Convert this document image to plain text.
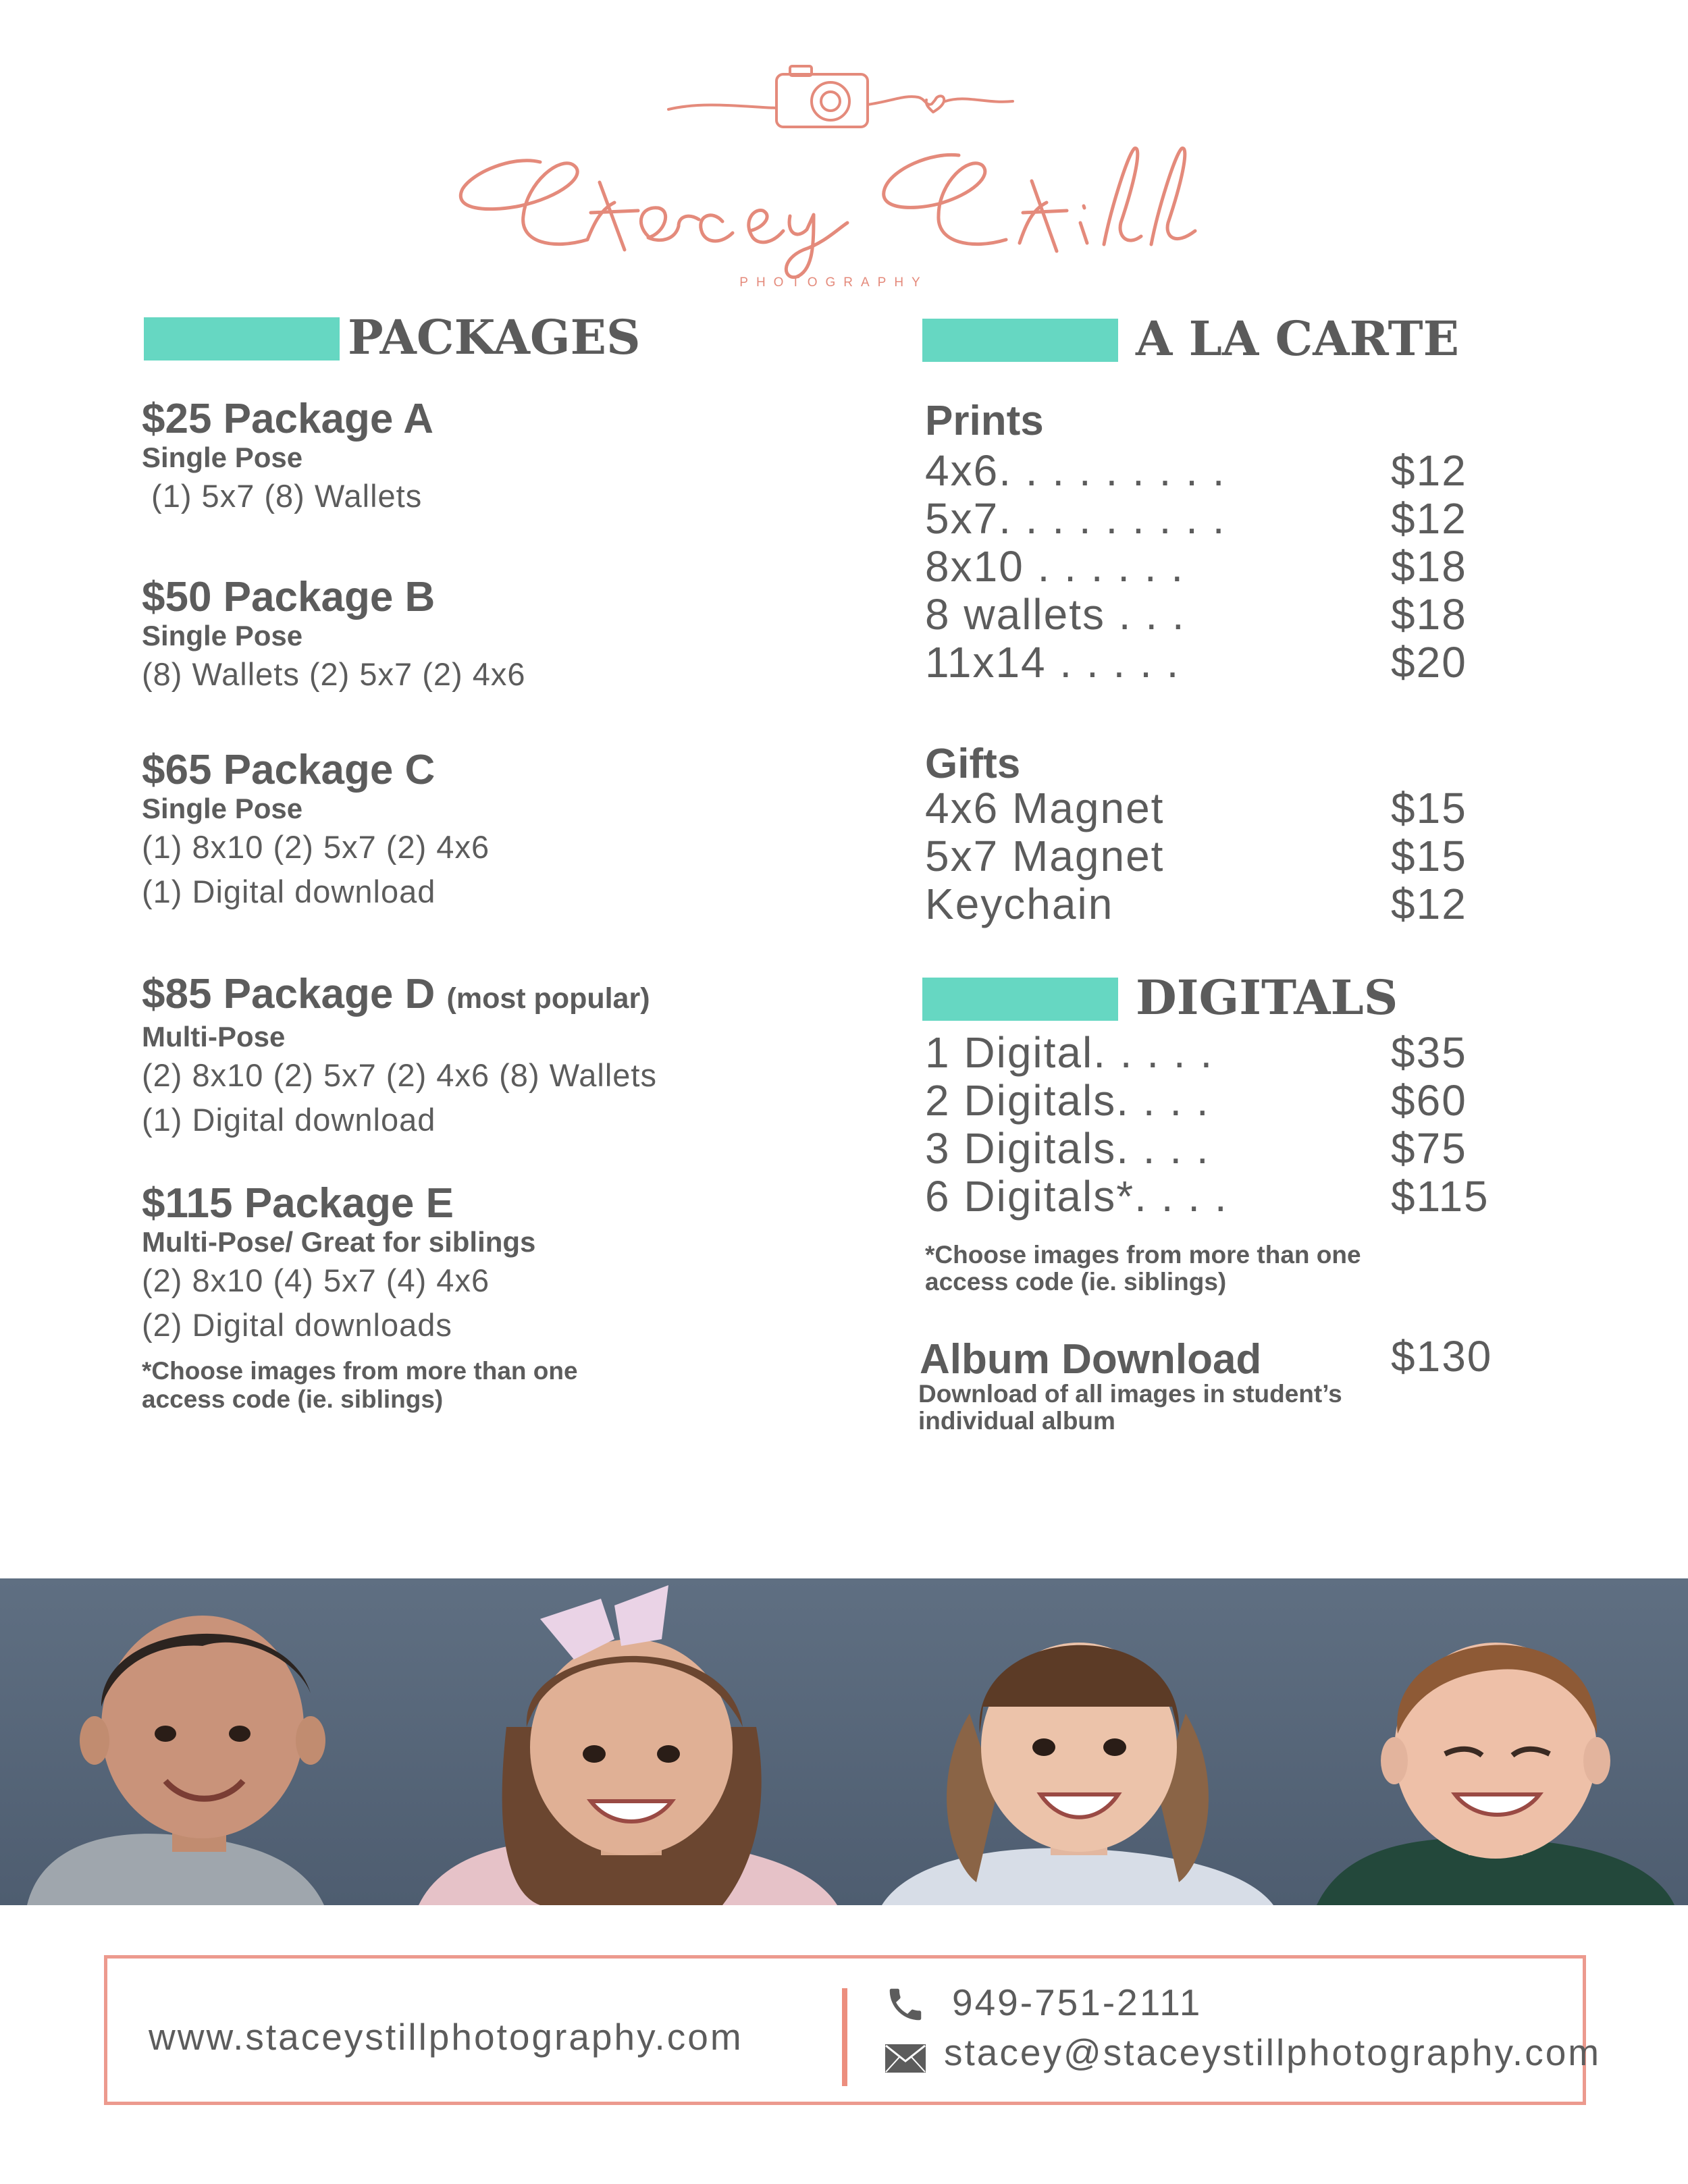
PHOTOGRAPHY
PACKAGES
$25 Package A
Single Pose
(1) 5x7 (8) Wallets
$50 Package B
Single Pose
(8) Wallets (2) 5x7 (2) 4x6
$65 Package C
Single Pose
(1) 8x10 (2) 5x7 (2) 4x6
(1) Digital download
$85 Package D (most popular)
Multi-Pose
(2) 8x10 (2) 5x7 (2) 4x6 (8) Wallets
(1) Digital download
$115 Package E
Multi-Pose/ Great for siblings
(2) 8x10 (4) 5x7 (4) 4x6
(2) Digital downloads
*Choose images from more than one
access code (ie. siblings)
A LA CARTE
Prints
4x6. . . . . . . . .	$12
5x7. . . . . . . . .	$12
8x10 . . . . . .	$18
8 wallets . . .	$18
11x14 . . . . .	$20
Gifts
4x6 Magnet	$15
5x7 Magnet	$15
Keychain	$12
DIGITALS
1 Digital. . . . .	$35
2 Digitals. . . .	$60
3 Digitals. . . .	$75
6 Digitals*. . . .	$115
*Choose images from more than one
access code (ie. siblings)
Album Download	$130
Download of all images in student’s
individual album
www.staceystillphotography.com
949-751-2111
stacey@staceystillphotography.com
